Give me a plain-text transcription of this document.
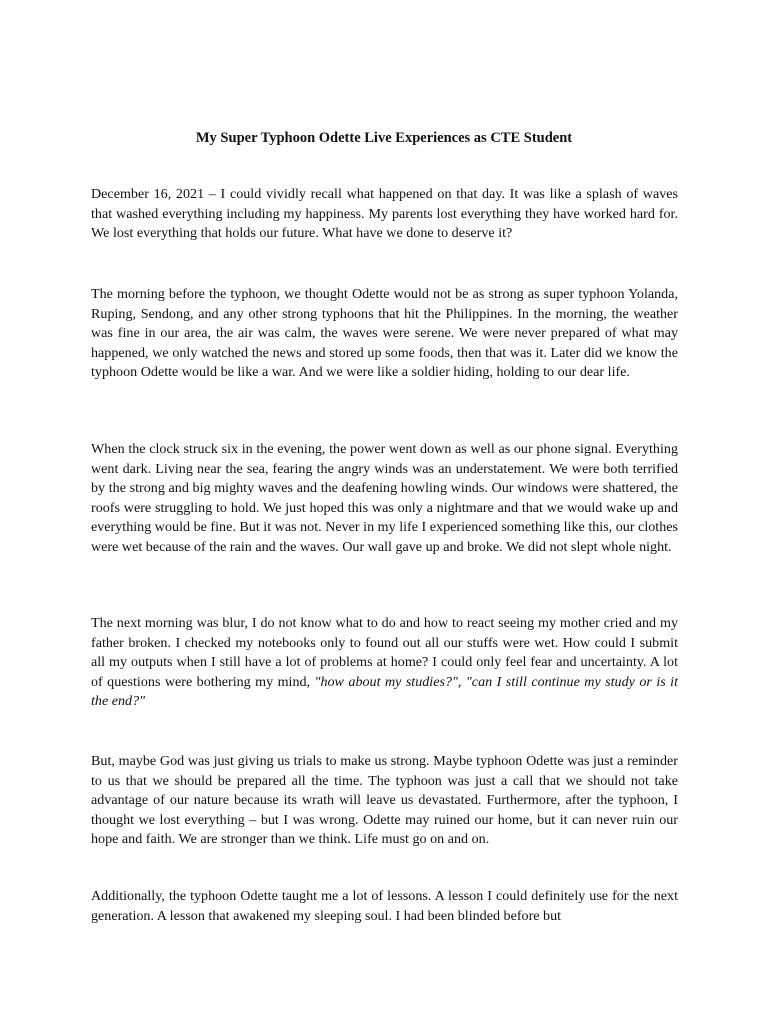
My Super Typhoon Odette Live Experiences as CTE Student

December 16, 2021 – I could vividly recall what happened on that day. It was like a splash of waves that washed everything including my happiness. My parents lost everything they have worked hard for. We lost everything that holds our future. What have we done to deserve it?

The morning before the typhoon, we thought Odette would not be as strong as super typhoon Yolanda, Ruping, Sendong, and any other strong typhoons that hit the Philippines. In the morning, the weather was fine in our area, the air was calm, the waves were serene. We were never prepared of what may happened, we only watched the news and stored up some foods, then that was it. Later did we know the typhoon Odette would be like a war. And we were like a soldier hiding, holding to our dear life.

When the clock struck six in the evening, the power went down as well as our phone signal. Everything went dark. Living near the sea, fearing the angry winds was an understatement. We were both terrified by the strong and big mighty waves and the deafening howling winds. Our windows were shattered, the roofs were struggling to hold. We just hoped this was only a nightmare and that we would wake up and everything would be fine. But it was not. Never in my life I experienced something like this, our clothes were wet because of the rain and the waves. Our wall gave up and broke. We did not slept whole night.

The next morning was blur, I do not know what to do and how to react seeing my mother cried and my father broken. I checked my notebooks only to found out all our stuffs were wet. How could I submit all my outputs when I still have a lot of problems at home? I could only feel fear and uncertainty. A lot of questions were bothering my mind, "how about my studies?", "can I still continue my study or is it the end?"

But, maybe God was just giving us trials to make us strong. Maybe typhoon Odette was just a reminder to us that we should be prepared all the time. The typhoon was just a call that we should not take advantage of our nature because its wrath will leave us devastated. Furthermore, after the typhoon, I thought we lost everything – but I was wrong. Odette may ruined our home, but it can never ruin our hope and faith. We are stronger than we think. Life must go on and on.

Additionally, the typhoon Odette taught me a lot of lessons. A lesson I could definitely use for the next generation. A lesson that awakened my sleeping soul. I had been blinded before but
